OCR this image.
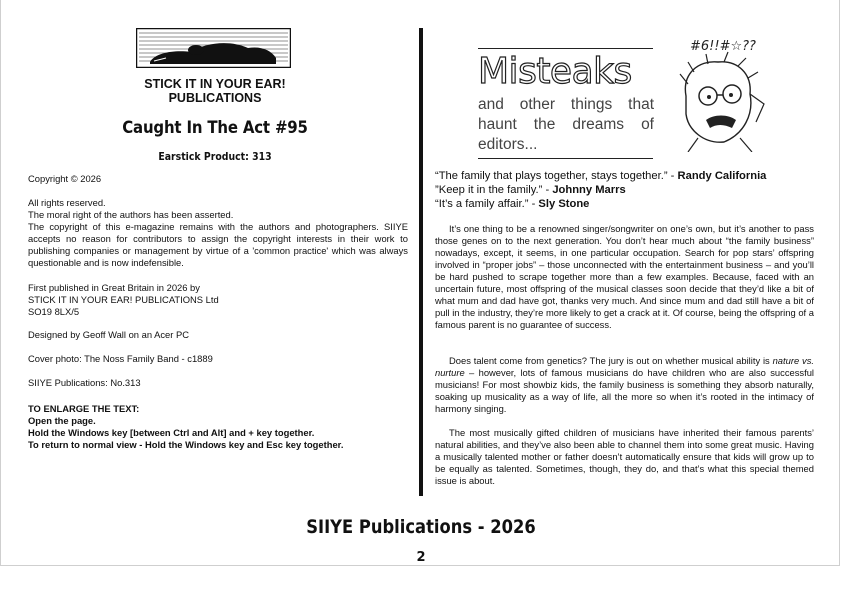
STICK IT IN YOUR EAR!
PUBLICATIONS
Caught In The Act #95
Earstick Product: 313
Copyright © 2026
All rights reserved.
The moral right of the authors has been asserted.
The copyright of this e-magazine remains with the authors and photographers. SIIYE accepts no reason for contributors to assign the copyright interests in their work to publishing companies or management by virtue of a 'common practice' which was always questionable and is now indefensible.
First published in Great Britain in 2026 by
STICK IT IN YOUR EAR! PUBLICATIONS Ltd
SO19 8LX/5
Designed by Geoff Wall on an Acer PC
Cover photo: The Noss Family Band - c1889
SIIYE Publications: No.313
TO ENLARGE THE TEXT:
Open the page.
Hold the Windows key [between Ctrl and Alt] and + key together.
To return to normal view - Hold the Windows key and Esc key together.
Misteaks
and other things that haunt the dreams of editors...
#6!!#☆??
“The family that plays together, stays together.” - Randy California
”Keep it in the family.” - Johnny Marrs
“It’s a family affair.” - Sly Stone
It’s one thing to be a renowned singer/songwriter on one’s own, but it’s another to pass those genes on to the next generation. You don’t hear much about “the family business” nowadays, except, it seems, in one particular occupation. Search for pop stars’ offspring involved in “proper jobs” – those unconnected with the entertainment business – and you’ll be hard pushed to scrape together more than a few examples. Because, faced with an uncertain future, most offspring of the musical classes soon decide that they’d like a bit of what mum and dad have got, thanks very much. And since mum and dad still have a bit of pull in the industry, they’re more likely to get a crack at it. Of course, being the offspring of a famous parent is no guarantee of success.
Does talent come from genetics? The jury is out on whether musical ability is nature vs. nurture – however, lots of famous musicians do have children who are also successful musicians! For most showbiz kids, the family business is something they absorb naturally, soaking up musicality as a way of life, all the more so when it’s rooted in the intimacy of harmony singing.
The most musically gifted children of musicians have inherited their famous parents’ natural abilities, and they’ve also been able to channel them into some great music. Having a musically talented mother or father doesn’t automatically ensure that kids will grow up to be equally as talented. Sometimes, though, they do, and that’s what this special themed issue is about.
SIIYE Publications - 2026
2
